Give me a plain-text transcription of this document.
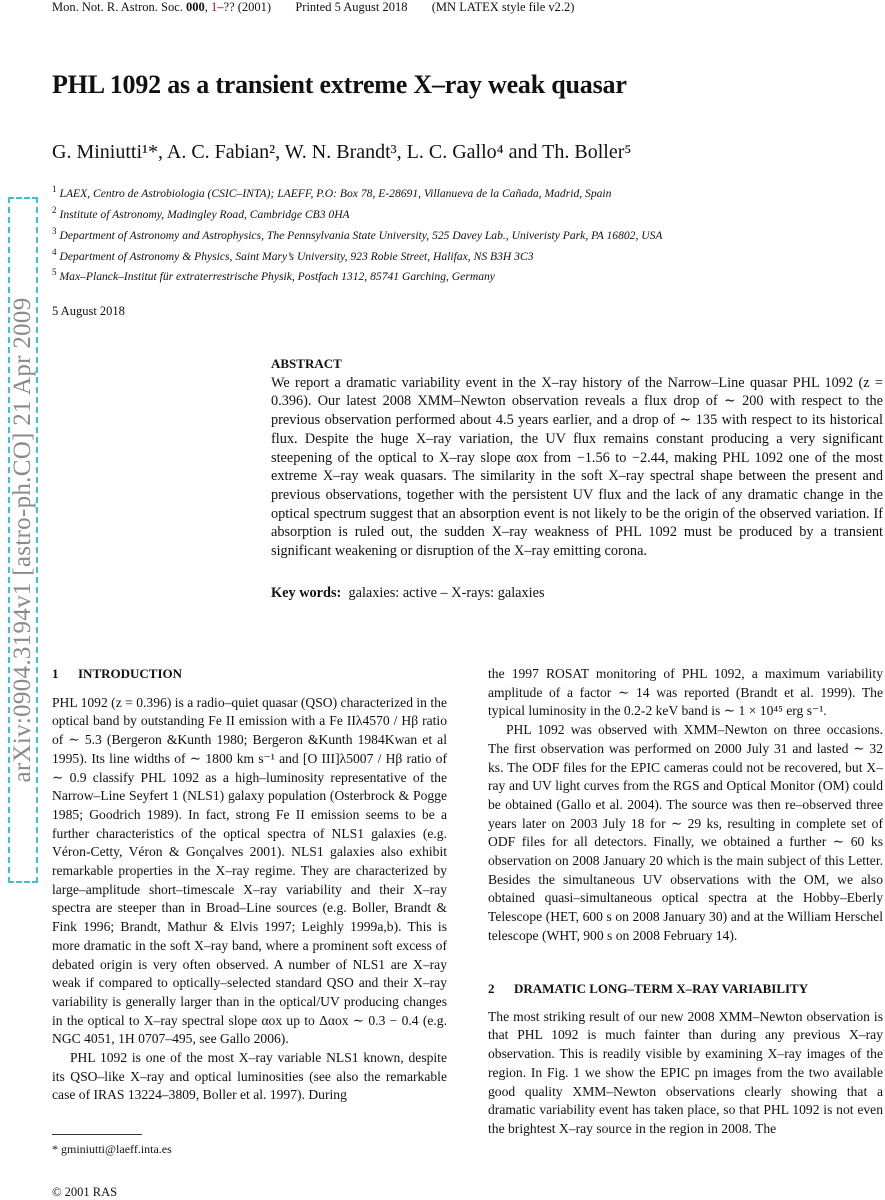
Mon. Not. R. Astron. Soc. 000, 1–?? (2001) Printed 5 August 2018 (MN LATEX style file v2.2)
PHL 1092 as a transient extreme X–ray weak quasar
G. Miniutti¹*, A. C. Fabian², W. N. Brandt³, L. C. Gallo⁴ and Th. Boller⁵
$^1$ LAEX, Centro de Astrobiologia (CSIC–INTA); LAEFF, P.O: Box 78, E-28691, Villanueva de la Cañada, Madrid, Spain
$^2$ Institute of Astronomy, Madingley Road, Cambridge CB3 0HA
$^3$ Department of Astronomy and Astrophysics, The Pennsylvania State University, 525 Davey Lab., Univeristy Park, PA 16802, USA
$^4$ Department of Astronomy & Physics, Saint Mary’s University, 923 Robie Street, Halifax, NS B3H 3C3
$^5$ Max–Planck–Institut für extraterrestrische Physik, Postfach 1312, 85741 Garching, Germany
5 August 2018
ABSTRACT
We report a dramatic variability event in the X–ray history of the Narrow–Line quasar PHL 1092 (z = 0.396). Our latest 2008 XMM–Newton observation reveals a flux drop of ∼ 200 with respect to the previous observation performed about 4.5 years earlier, and a drop of ∼ 135 with respect to its historical flux. Despite the huge X–ray variation, the UV flux remains constant producing a very significant steepening of the optical to X–ray slope αox from −1.56 to −2.44, making PHL 1092 one of the most extreme X–ray weak quasars. The similarity in the soft X–ray spectral shape between the present and previous observations, together with the persistent UV flux and the lack of any dramatic change in the optical spectrum suggest that an absorption event is not likely to be the origin of the observed variation. If absorption is ruled out, the sudden X–ray weakness of PHL 1092 must be produced by a transient significant weakening or disruption of the X–ray emitting corona.
Key words: galaxies: active – X-rays: galaxies
1 INTRODUCTION

PHL 1092 (z = 0.396) is a radio–quiet quasar (QSO) characterized in the optical band by outstanding Fe II emission with a Fe IIλ4570 / Hβ ratio of ∼ 5.3 (Bergeron &Kunth 1980; Bergeron &Kunth 1984Kwan et al 1995). Its line widths of ∼ 1800 km s⁻¹ and [O III]λ5007 / Hβ ratio of ∼ 0.9 classify PHL 1092 as a high–luminosity representative of the Narrow–Line Seyfert 1 (NLS1) galaxy population (Osterbrock & Pogge 1985; Goodrich 1989). In fact, strong Fe II emission seems to be a further characteristics of the optical spectra of NLS1 galaxies (e.g. Véron-Cetty, Véron & Gonçalves 2001). NLS1 galaxies also exhibit remarkable properties in the X–ray regime. They are characterized by large–amplitude short–timescale X–ray variability and their X–ray spectra are steeper than in Broad–Line sources (e.g. Boller, Brandt & Fink 1996; Brandt, Mathur & Elvis 1997; Leighly 1999a,b). This is more dramatic in the soft X–ray band, where a prominent soft excess of debated origin is very often observed. A number of NLS1 are X–ray weak if compared to optically–selected standard QSO and their X–ray variability is generally larger than in the optical/UV producing changes in the optical to X–ray spectral slope αox up to Δαox ∼ 0.3 − 0.4 (e.g. NGC 4051, 1H 0707–495, see Gallo 2006).

PHL 1092 is one of the most X–ray variable NLS1 known, despite its QSO–like X–ray and optical luminosities (see also the remarkable case of IRAS 13224–3809, Boller et al. 1997). During

the 1997 ROSAT monitoring of PHL 1092, a maximum variability amplitude of a factor ∼ 14 was reported (Brandt et al. 1999). The typical luminosity in the 0.2-2 keV band is ∼ 1 × 10⁴⁵ erg s⁻¹.

PHL 1092 was observed with XMM–Newton on three occasions. The first observation was performed on 2000 July 31 and lasted ∼ 32 ks. The ODF files for the EPIC cameras could not be recovered, but X–ray and UV light curves from the RGS and Optical Monitor (OM) could be obtained (Gallo et al. 2004). The source was then re–observed three years later on 2003 July 18 for ∼ 29 ks, resulting in complete set of ODF files for all detectors. Finally, we obtained a further ∼ 60 ks observation on 2008 January 20 which is the main subject of this Letter. Besides the simultaneous UV observations with the OM, we also obtained quasi–simultaneous optical spectra at the Hobby–Eberly Telescope (HET, 600 s on 2008 January 30) and at the William Herschel telescope (WHT, 900 s on 2008 February 14).

2 DRAMATIC LONG–TERM X–RAY VARIABILITY

The most striking result of our new 2008 XMM–Newton observation is that PHL 1092 is much fainter than during any previous X–ray observation. This is readily visible by examining X–ray images of the region. In Fig. 1 we show the EPIC pn images from the two available good quality XMM–Newton observations clearly showing that a dramatic variability event has taken place, so that PHL 1092 is not even the brightest X–ray source in the region in 2008. The

* gminiutti@laeff.inta.es
© 2001 RAS
arXiv:0904.3194v1 [astro-ph.CO] 21 Apr 2009
